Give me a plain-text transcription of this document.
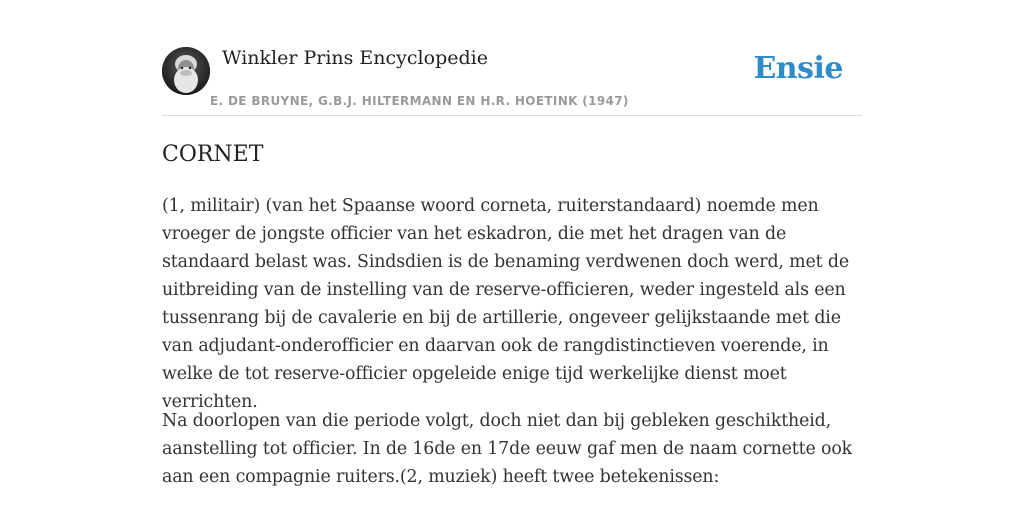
Winkler Prins Encyclopedie
E. DE BRUYNE, G.B.J. HILTERMANN EN H.R. HOETINK (1947)
Ensie
CORNET

(1, militair) (van het Spaanse woord corneta, ruiterstandaard) noemde men vroeger de jongste officier van het eskadron, die met het dragen van de standaard belast was. Sindsdien is de benaming verdwenen doch werd, met de uitbreiding van de instelling van de reserve-officieren, weder ingesteld als een tussenrang bij de cavalerie en bij de artillerie, ongeveer gelijkstaande met die van adjudant-onderofficier en daarvan ook de rangdistinctieven voerende, in welke de tot reserve-officier opgeleide enige tijd werkelijke dienst moet verrichten.

Na doorlopen van die periode volgt, doch niet dan bij gebleken geschiktheid, aanstelling tot officier. In de 16de en 17de eeuw gaf men de naam cornette ook aan een compagnie ruiters.(2, muziek) heeft twee betekenissen:
